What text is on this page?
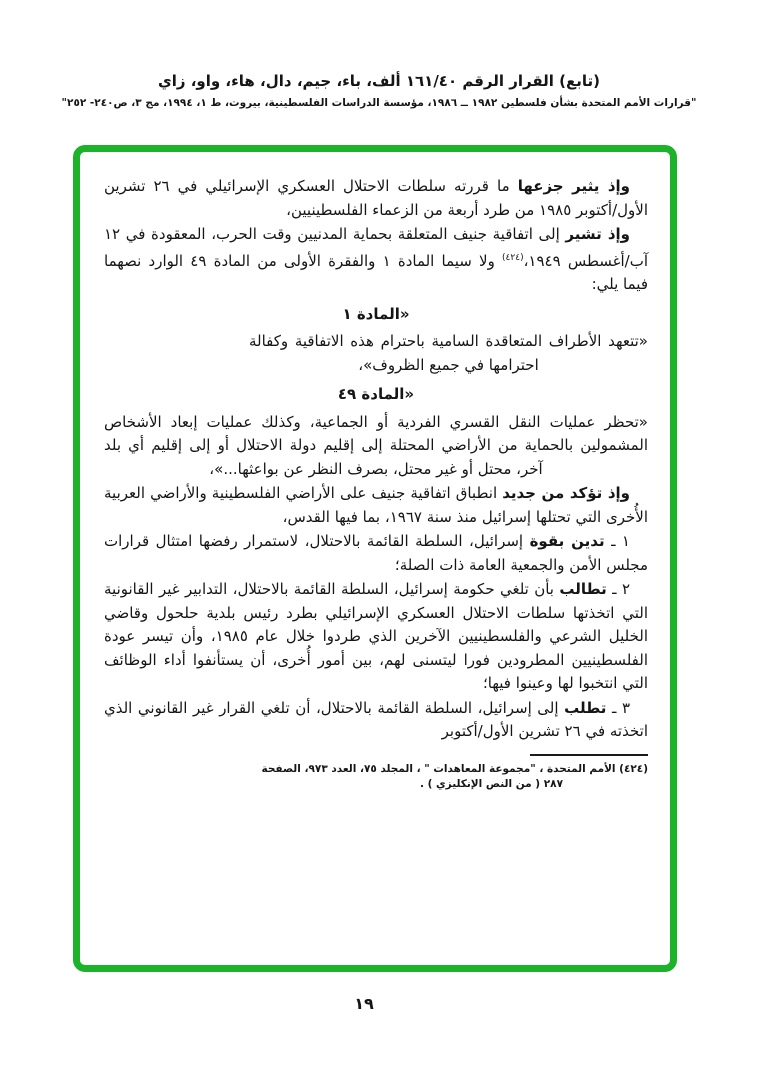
(تابع) القرار الرقم ١٦١/٤٠ ألف، باء، جيم، دال، هاء، واو، زاي
"قرارات الأمم المتحدة بشأن فلسطين ١٩٨٢ ــ ١٩٨٦، مؤسسة الدراسات الفلسطينية، بيروت، ط ١، ١٩٩٤، مج ٣، ص٢٤٠- ٢٥٢"

وإذ يثير جزعها ما قررته سلطات الاحتلال العسكري الإسرائيلي في ٢٦ تشرين الأول/أكتوبر ١٩٨٥ من طرد أربعة من الزعماء الفلسطينيين،

وإذ تشير إلى اتفاقية جنيف المتعلقة بحماية المدنيين وقت الحرب، المعقودة في ١٢ آب/أغسطس ١٩٤٩،$^{(٤٢٤)}$ ولا سيما المادة ١ والفقرة الأولى من المادة ٤٩ الوارد نصهما فيما يلي:

«المادة ١

«تتعهد الأطراف المتعاقدة السامية باحترام هذه الاتفاقية وكفالة احترامها في جميع الظروف»،

«المادة ٤٩

«تحظر عمليات النقل القسري الفردية أو الجماعية، وكذلك عمليات إبعاد الأشخاص المشمولين بالحماية من الأراضي المحتلة إلى إقليم دولة الاحتلال أو إلى إقليم أي بلد آخر، محتل أو غير محتل، بصرف النظر عن بواعثها...»،

وإذ تؤكد من جديد انطباق اتفاقية جنيف على الأراضي الفلسطينية والأراضي العربية الأُخرى التي تحتلها إسرائيل منذ سنة ١٩٦٧، بما فيها القدس،

١ ـ تدين بقوة إسرائيل، السلطة القائمة بالاحتلال، لاستمرار رفضها امتثال قرارات مجلس الأمن والجمعية العامة ذات الصلة؛

٢ ـ تطالب بأن تلغي حكومة إسرائيل، السلطة القائمة بالاحتلال، التدابير غير القانونية التي اتخذتها سلطات الاحتلال العسكري الإسرائيلي بطرد رئيس بلدية حلحول وقاضي الخليل الشرعي والفلسطينيين الآخرين الذي طردوا خلال عام ١٩٨٥، وأن تيسر عودة الفلسطينيين المطرودين فورا ليتسنى لهم، بين أمور أُخرى، أن يستأنفوا أداء الوظائف التي انتخبوا لها وعينوا فيها؛

٣ ـ تطلب إلى إسرائيل، السلطة القائمة بالاحتلال، أن تلغي القرار غير القانوني الذي اتخذته في ٢٦ تشرين الأول/أكتوبر

(٤٢٤) الأمم المتحدة ، "مجموعة المعاهدات " ، المجلد ٧٥، العدد ٩٧٣، الصفحة
٢٨٧ ( من النص الإنكليزي ) .
١٩
